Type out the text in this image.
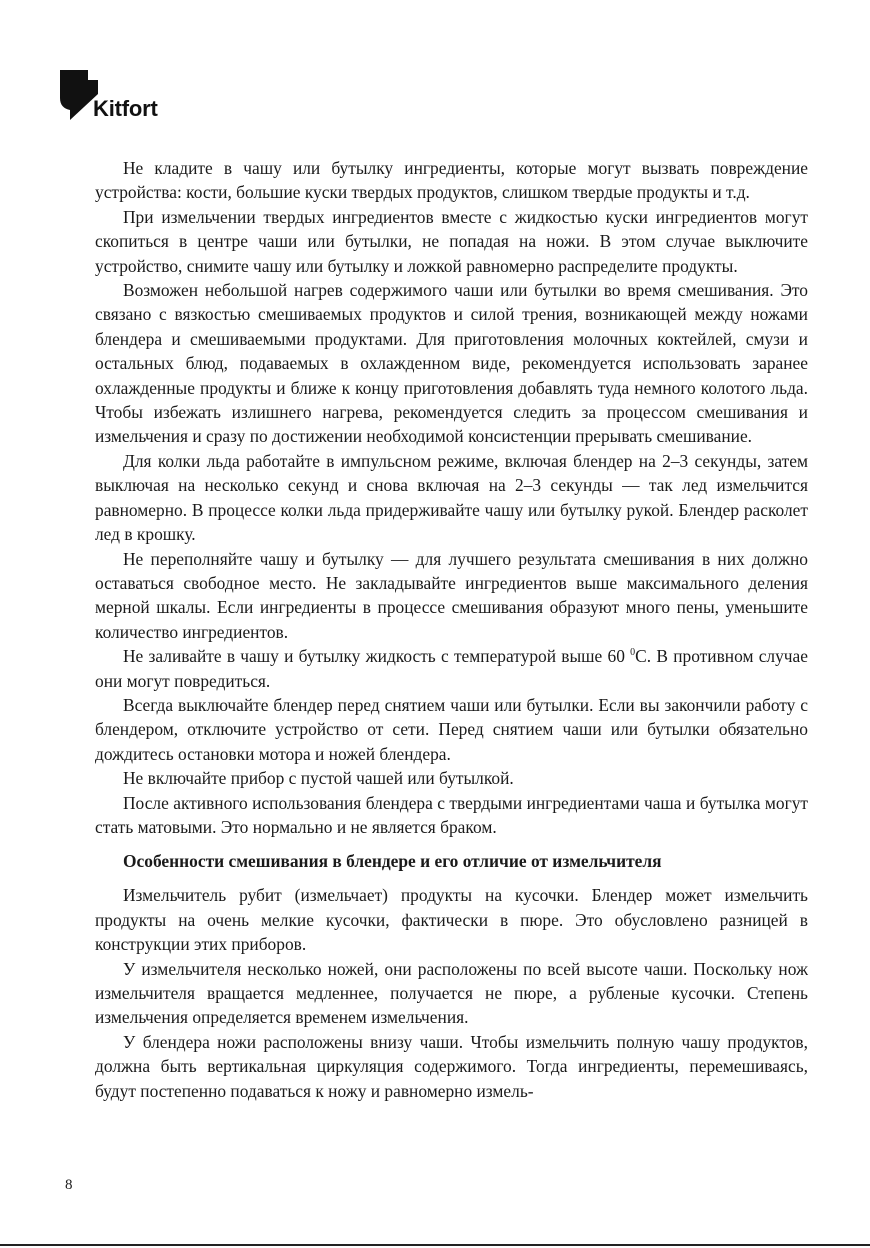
Kitfort

Не кладите в чашу или бутылку ингредиенты, которые могут вызвать повреждение устройства: кости, большие куски твердых продуктов, слишком твердые продукты и т.д.

При измельчении твердых ингредиентов вместе с жидкостью куски ингредиентов могут скопиться в центре чаши или бутылки, не попадая на ножи. В этом случае выключите устройство, снимите чашу или бутылку и ложкой равномерно распределите продукты.

Возможен небольшой нагрев содержимого чаши или бутылки во время смешивания. Это связано с вязкостью смешиваемых продуктов и силой трения, возникающей между ножами блендера и смешиваемыми продуктами. Для приготовления молочных коктейлей, смузи и остальных блюд, подаваемых в охлажденном виде, рекомендуется использовать заранее охлажденные продукты и ближе к концу приготовления добавлять туда немного колотого льда. Чтобы избежать излишнего нагрева, рекомендуется следить за процессом смешивания и измельчения и сразу по достижении необходимой консистенции прерывать смешивание.

Для колки льда работайте в импульсном режиме, включая блендер на 2–3 секунды, затем выключая на несколько секунд и снова включая на 2–3 секунды — так лед измельчится равномерно. В процессе колки льда придерживайте чашу или бутылку рукой. Блендер расколет лед в крошку.

Не переполняйте чашу и бутылку — для лучшего результата смешивания в них должно оставаться свободное место. Не закладывайте ингредиентов выше максимального деления мерной шкалы. Если ингредиенты в процессе смешивания образуют много пены, уменьшите количество ингредиентов.

Не заливайте в чашу и бутылку жидкость с температурой выше 60 $^0$С. В противном случае они могут повредиться.

Всегда выключайте блендер перед снятием чаши или бутылки. Если вы закончили работу с блендером, отключите устройство от сети. Перед снятием чаши или бутылки обязательно дождитесь остановки мотора и ножей блендера.

Не включайте прибор с пустой чашей или бутылкой.

После активного использования блендера с твердыми ингредиентами чаша и бутылка могут стать матовыми. Это нормально и не является браком.

Особенности смешивания в блендере и его отличие от измельчителя

Измельчитель рубит (измельчает) продукты на кусочки. Блендер может измельчить продукты на очень мелкие кусочки, фактически в пюре. Это обусловлено разницей в конструкции этих приборов.

У измельчителя несколько ножей, они расположены по всей высоте чаши. Поскольку нож измельчителя вращается медленнее, получается не пюре, а рубленые кусочки. Степень измельчения определяется временем измельчения.

У блендера ножи расположены внизу чаши. Чтобы измельчить полную чашу продуктов, должна быть вертикальная циркуляция содержимого. Тогда ингредиенты, перемешиваясь, будут постепенно подаваться к ножу и равномерно измель-

8
